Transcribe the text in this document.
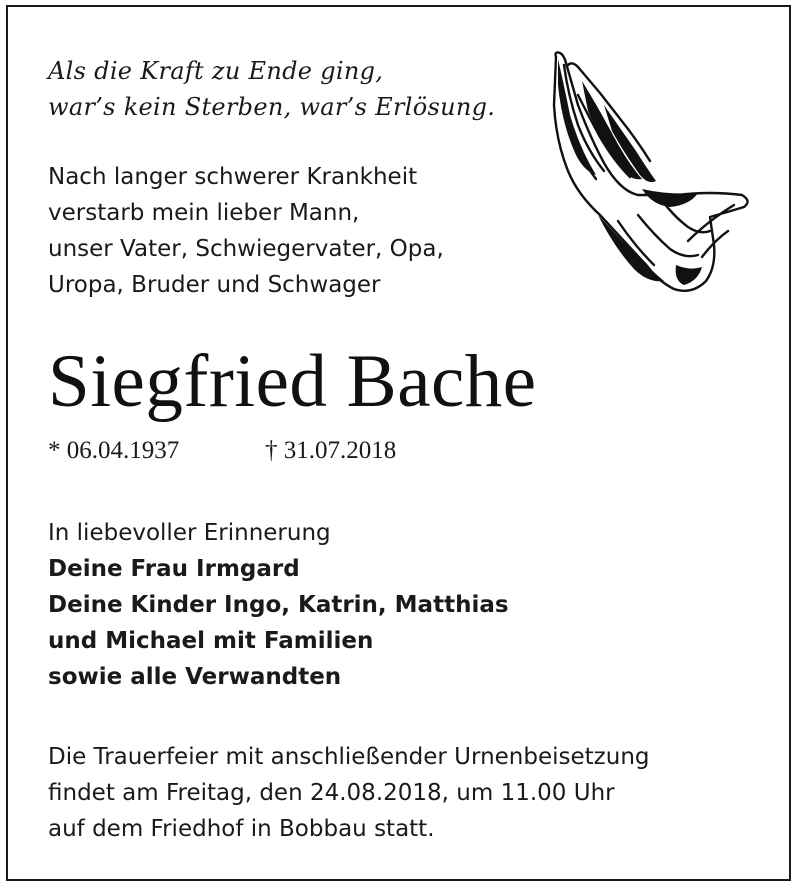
Als die Kraft zu Ende ging,
war’s kein Sterben, war’s Erlösung.
Nach langer schwerer Krankheit
verstarb mein lieber Mann,
unser Vater, Schwiegervater, Opa,
Uropa, Bruder und Schwager
Siegfried Bache
* 06.04.1937	† 31.07.2018
In liebevoller Erinnerung
Deine Frau Irmgard
Deine Kinder Ingo, Katrin, Matthias
und Michael mit Familien
sowie alle Verwandten
Die Trauerfeier mit anschließender Urnenbeisetzung
findet am Freitag, den 24.08.2018, um 11.00 Uhr
auf dem Friedhof in Bobbau statt.
